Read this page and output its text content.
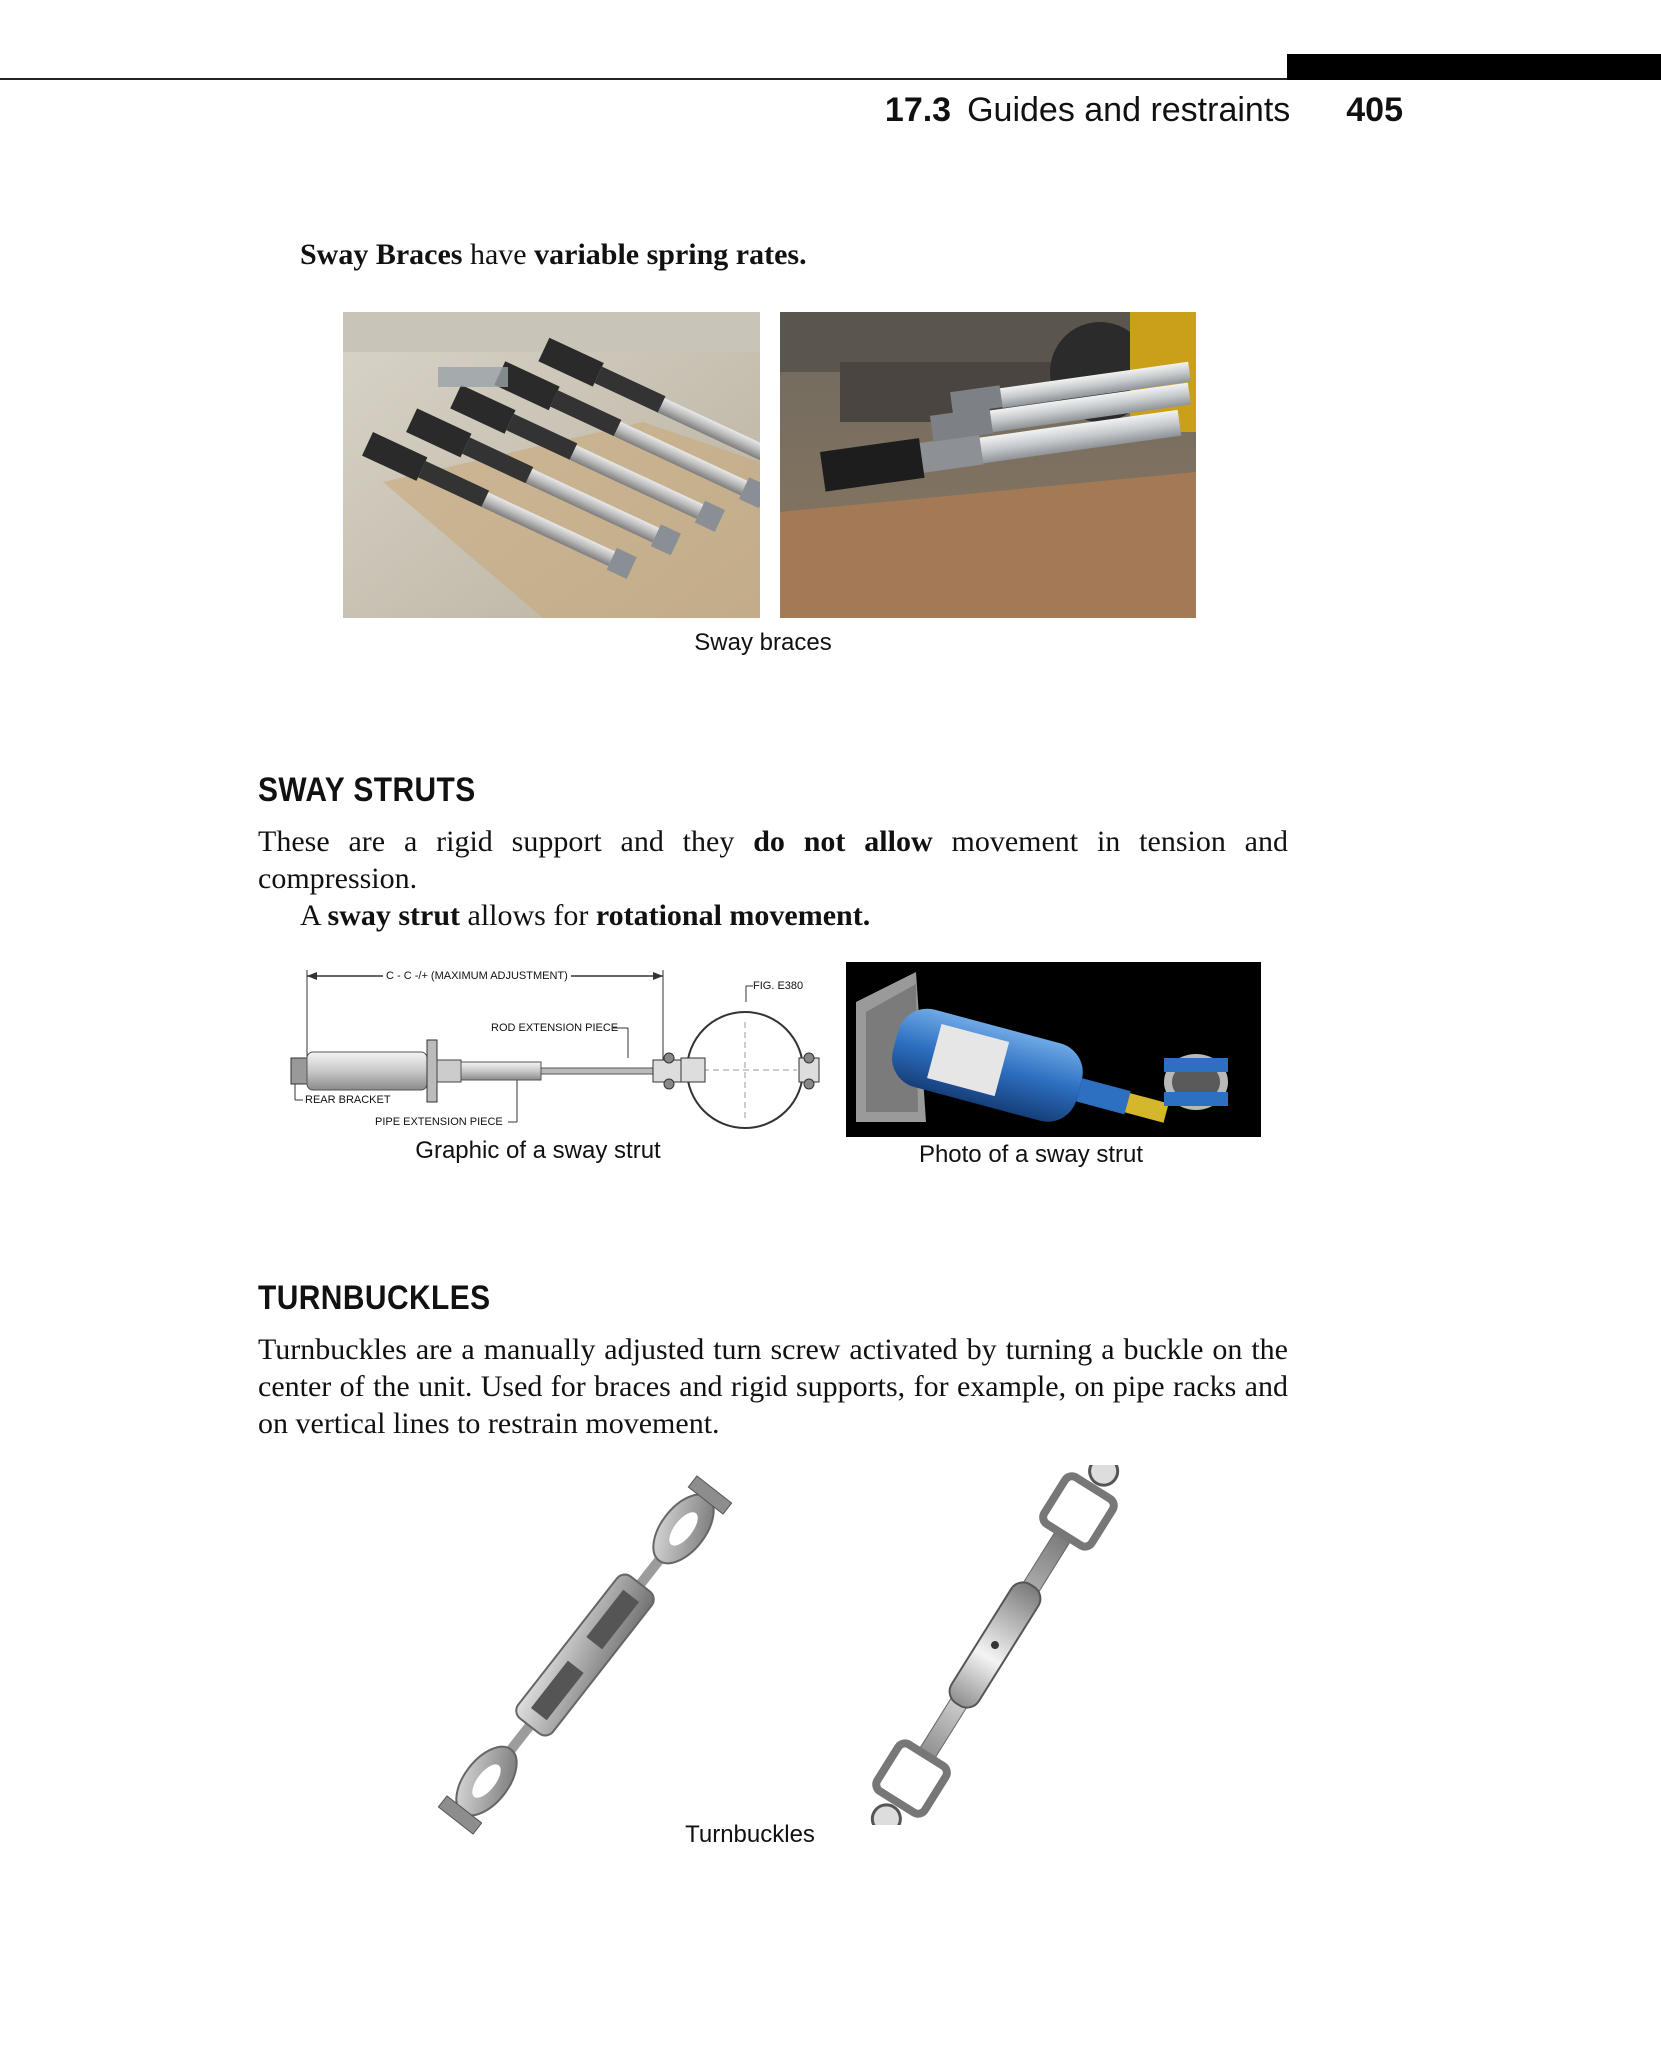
17.3 Guides and restraints 405
Sway Braces have variable spring rates.
Sway braces
SWAY STRUTS
These are a rigid support and they do not allow movement in tension and
compression.
A sway strut allows for rotational movement.
C - C -/+ (MAXIMUM ADJUSTMENT)
FIG. E380
ROD EXTENSION PIECE
REAR BRACKET
PIPE EXTENSION PIECE
Graphic of a sway strut	Photo of a sway strut
TURNBUCKLES
Turnbuckles are a manually adjusted turn screw activated by turning a buckle on the
center of the unit. Used for braces and rigid supports, for example, on pipe racks and
on vertical lines to restrain movement.
Turnbuckles
